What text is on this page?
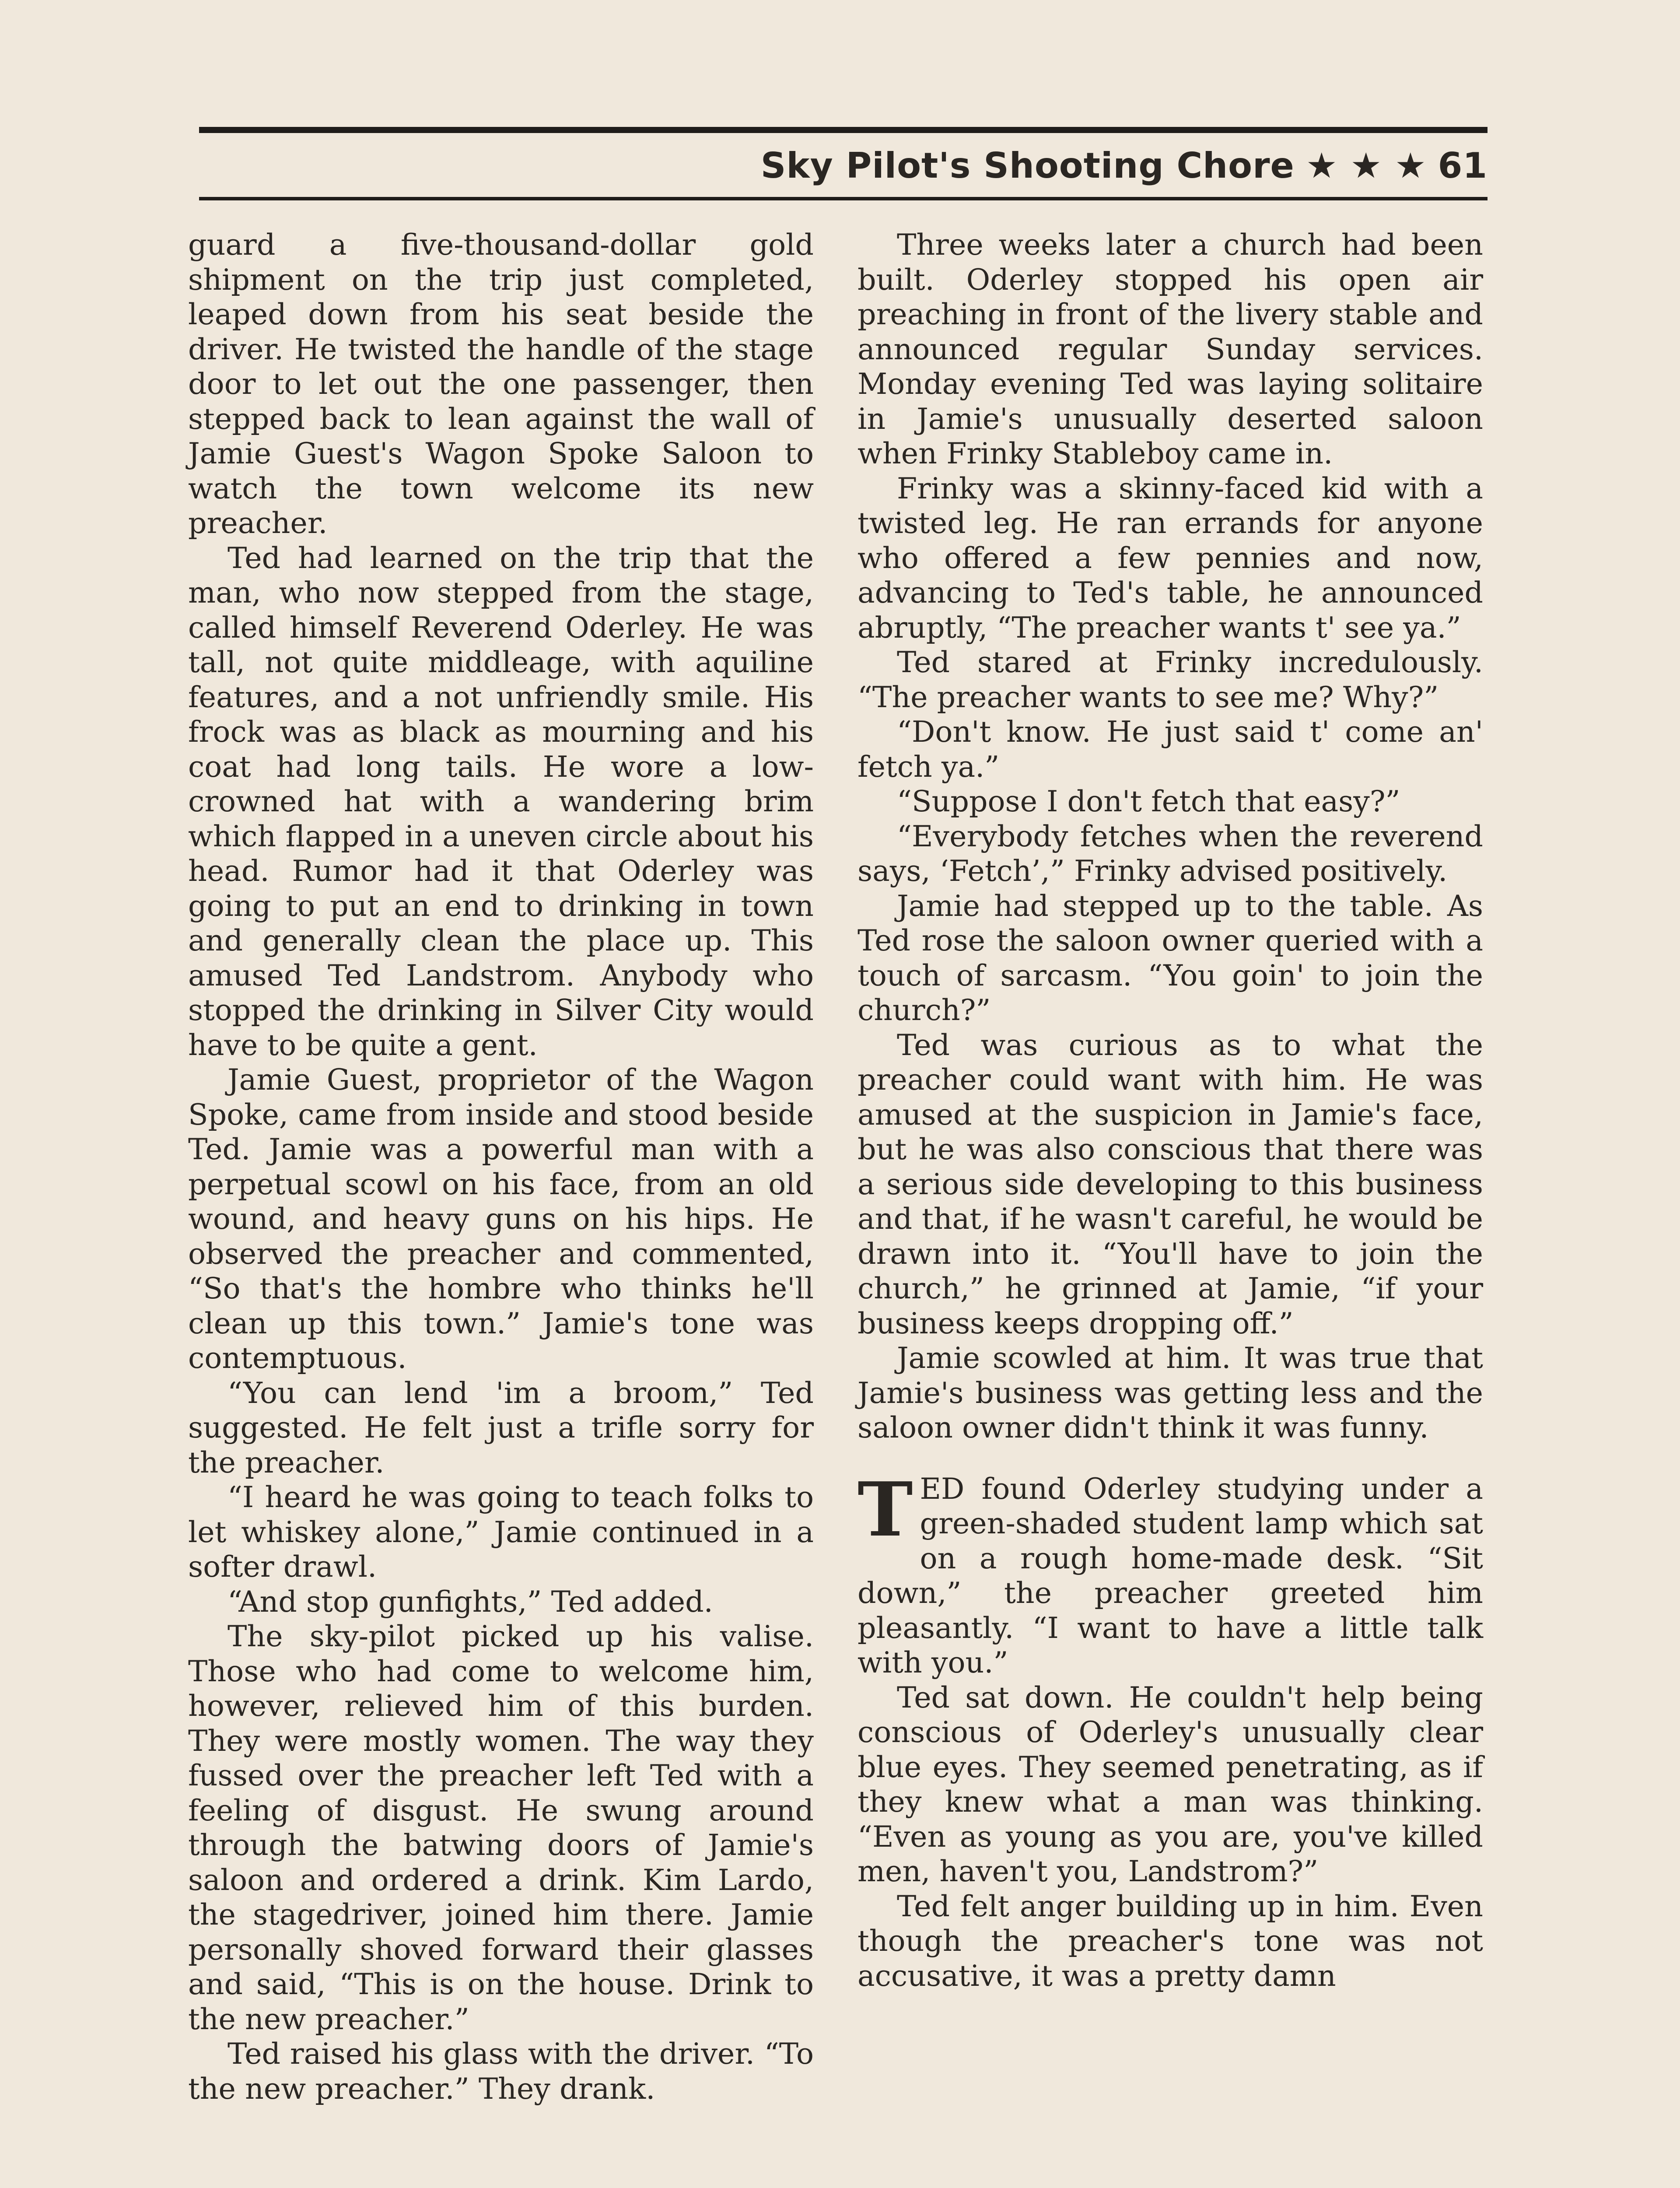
Sky Pilot's Shooting Chore ★ ★ ★ 61

guard a five-thousand-dollar gold shipment on the trip just completed, leaped down from his seat beside the driver. He twisted the handle of the stage door to let out the one passenger, then stepped back to lean against the wall of Jamie Guest's Wagon Spoke Saloon to watch the town welcome its new preacher.

Ted had learned on the trip that the man, who now stepped from the stage, called himself Reverend Oderley. He was tall, not quite middleage, with aquiline features, and a not unfriendly smile. His frock was as black as mourning and his coat had long tails. He wore a low-crowned hat with a wandering brim which flapped in a uneven circle about his head. Rumor had it that Oderley was going to put an end to drinking in town and generally clean the place up. This amused Ted Landstrom. Anybody who stopped the drinking in Silver City would have to be quite a gent.

Jamie Guest, proprietor of the Wagon Spoke, came from inside and stood beside Ted. Jamie was a powerful man with a perpetual scowl on his face, from an old wound, and heavy guns on his hips. He observed the preacher and commented, “So that's the hombre who thinks he'll clean up this town.” Jamie's tone was contemptuous.

“You can lend 'im a broom,” Ted suggested. He felt just a trifle sorry for the preacher.

“I heard he was going to teach folks to let whiskey alone,” Jamie continued in a softer drawl.

“And stop gunfights,” Ted added.

The sky-pilot picked up his valise. Those who had come to welcome him, however, relieved him of this burden. They were mostly women. The way they fussed over the preacher left Ted with a feeling of disgust. He swung around through the batwing doors of Jamie's saloon and ordered a drink. Kim Lardo, the stagedriver, joined him there. Jamie personally shoved forward their glasses and said, “This is on the house. Drink to the new preacher.”

Ted raised his glass with the driver. “To the new preacher.” They drank.

Three weeks later a church had been built. Oderley stopped his open air preaching in front of the livery stable and announced regular Sunday services. Monday evening Ted was laying solitaire in Jamie's unusually deserted saloon when Frinky Stableboy came in.

Frinky was a skinny-faced kid with a twisted leg. He ran errands for anyone who offered a few pennies and now, advancing to Ted's table, he announced abruptly, “The preacher wants t' see ya.”

Ted stared at Frinky incredulously. “The preacher wants to see me? Why?”

“Don't know. He just said t' come an' fetch ya.”

“Suppose I don't fetch that easy?”

“Everybody fetches when the reverend says, ‘Fetch’,” Frinky advised positively.

Jamie had stepped up to the table. As Ted rose the saloon owner queried with a touch of sarcasm. “You goin' to join the church?”

Ted was curious as to what the preacher could want with him. He was amused at the suspicion in Jamie's face, but he was also conscious that there was a serious side developing to this business and that, if he wasn't careful, he would be drawn into it. “You'll have to join the church,” he grinned at Jamie, “if your business keeps dropping off.”

Jamie scowled at him. It was true that Jamie's business was getting less and the saloon owner didn't think it was funny.

TED found Oderley studying under a green-shaded student lamp which sat on a rough home-made desk. “Sit down,” the preacher greeted him pleasantly. “I want to have a little talk with you.”

Ted sat down. He couldn't help being conscious of Oderley's unusually clear blue eyes. They seemed penetrating, as if they knew what a man was thinking. “Even as young as you are, you've killed men, haven't you, Landstrom?”

Ted felt anger building up in him. Even though the preacher's tone was not accusative, it was a pretty damn
